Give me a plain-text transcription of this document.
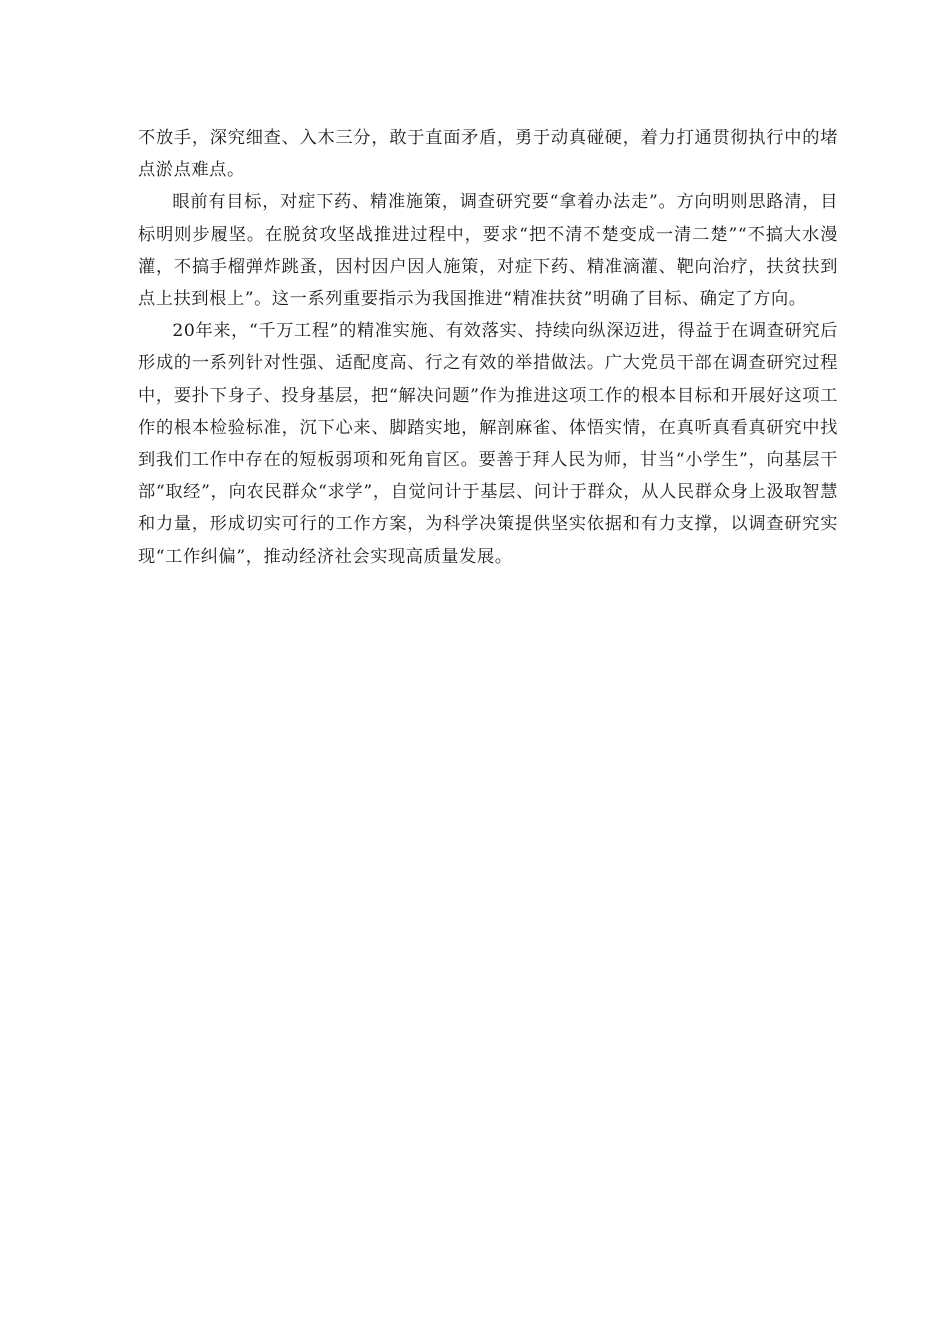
不放手，深究细查、入木三分，敢于直面矛盾，勇于动真碰硬，着力打通贯彻执行中的堵点淤点难点。

眼前有目标，对症下药、精准施策，调查研究要“拿着办法走”。方向明则思路清，目标明则步履坚。在脱贫攻坚战推进过程中，要求“把不清不楚变成一清二楚”“不搞大水漫灌，不搞手榴弹炸跳蚤，因村因户因人施策，对症下药、精准滴灌、靶向治疗，扶贫扶到点上扶到根上”。这一系列重要指示为我国推进“精准扶贫”明确了目标、确定了方向。

20年来，“千万工程”的精准实施、有效落实、持续向纵深迈进，得益于在调查研究后形成的一系列针对性强、适配度高、行之有效的举措做法。广大党员干部在调查研究过程中，要扑下身子、投身基层，把“解决问题”作为推进这项工作的根本目标和开展好这项工作的根本检验标准，沉下心来、脚踏实地，解剖麻雀、体悟实情，在真听真看真研究中找到我们工作中存在的短板弱项和死角盲区。要善于拜人民为师，甘当“小学生”，向基层干部“取经”，向农民群众“求学”，自觉问计于基层、问计于群众，从人民群众身上汲取智慧和力量，形成切实可行的工作方案，为科学决策提供坚实依据和有力支撑，以调查研究实现“工作纠偏”，推动经济社会实现高质量发展。
